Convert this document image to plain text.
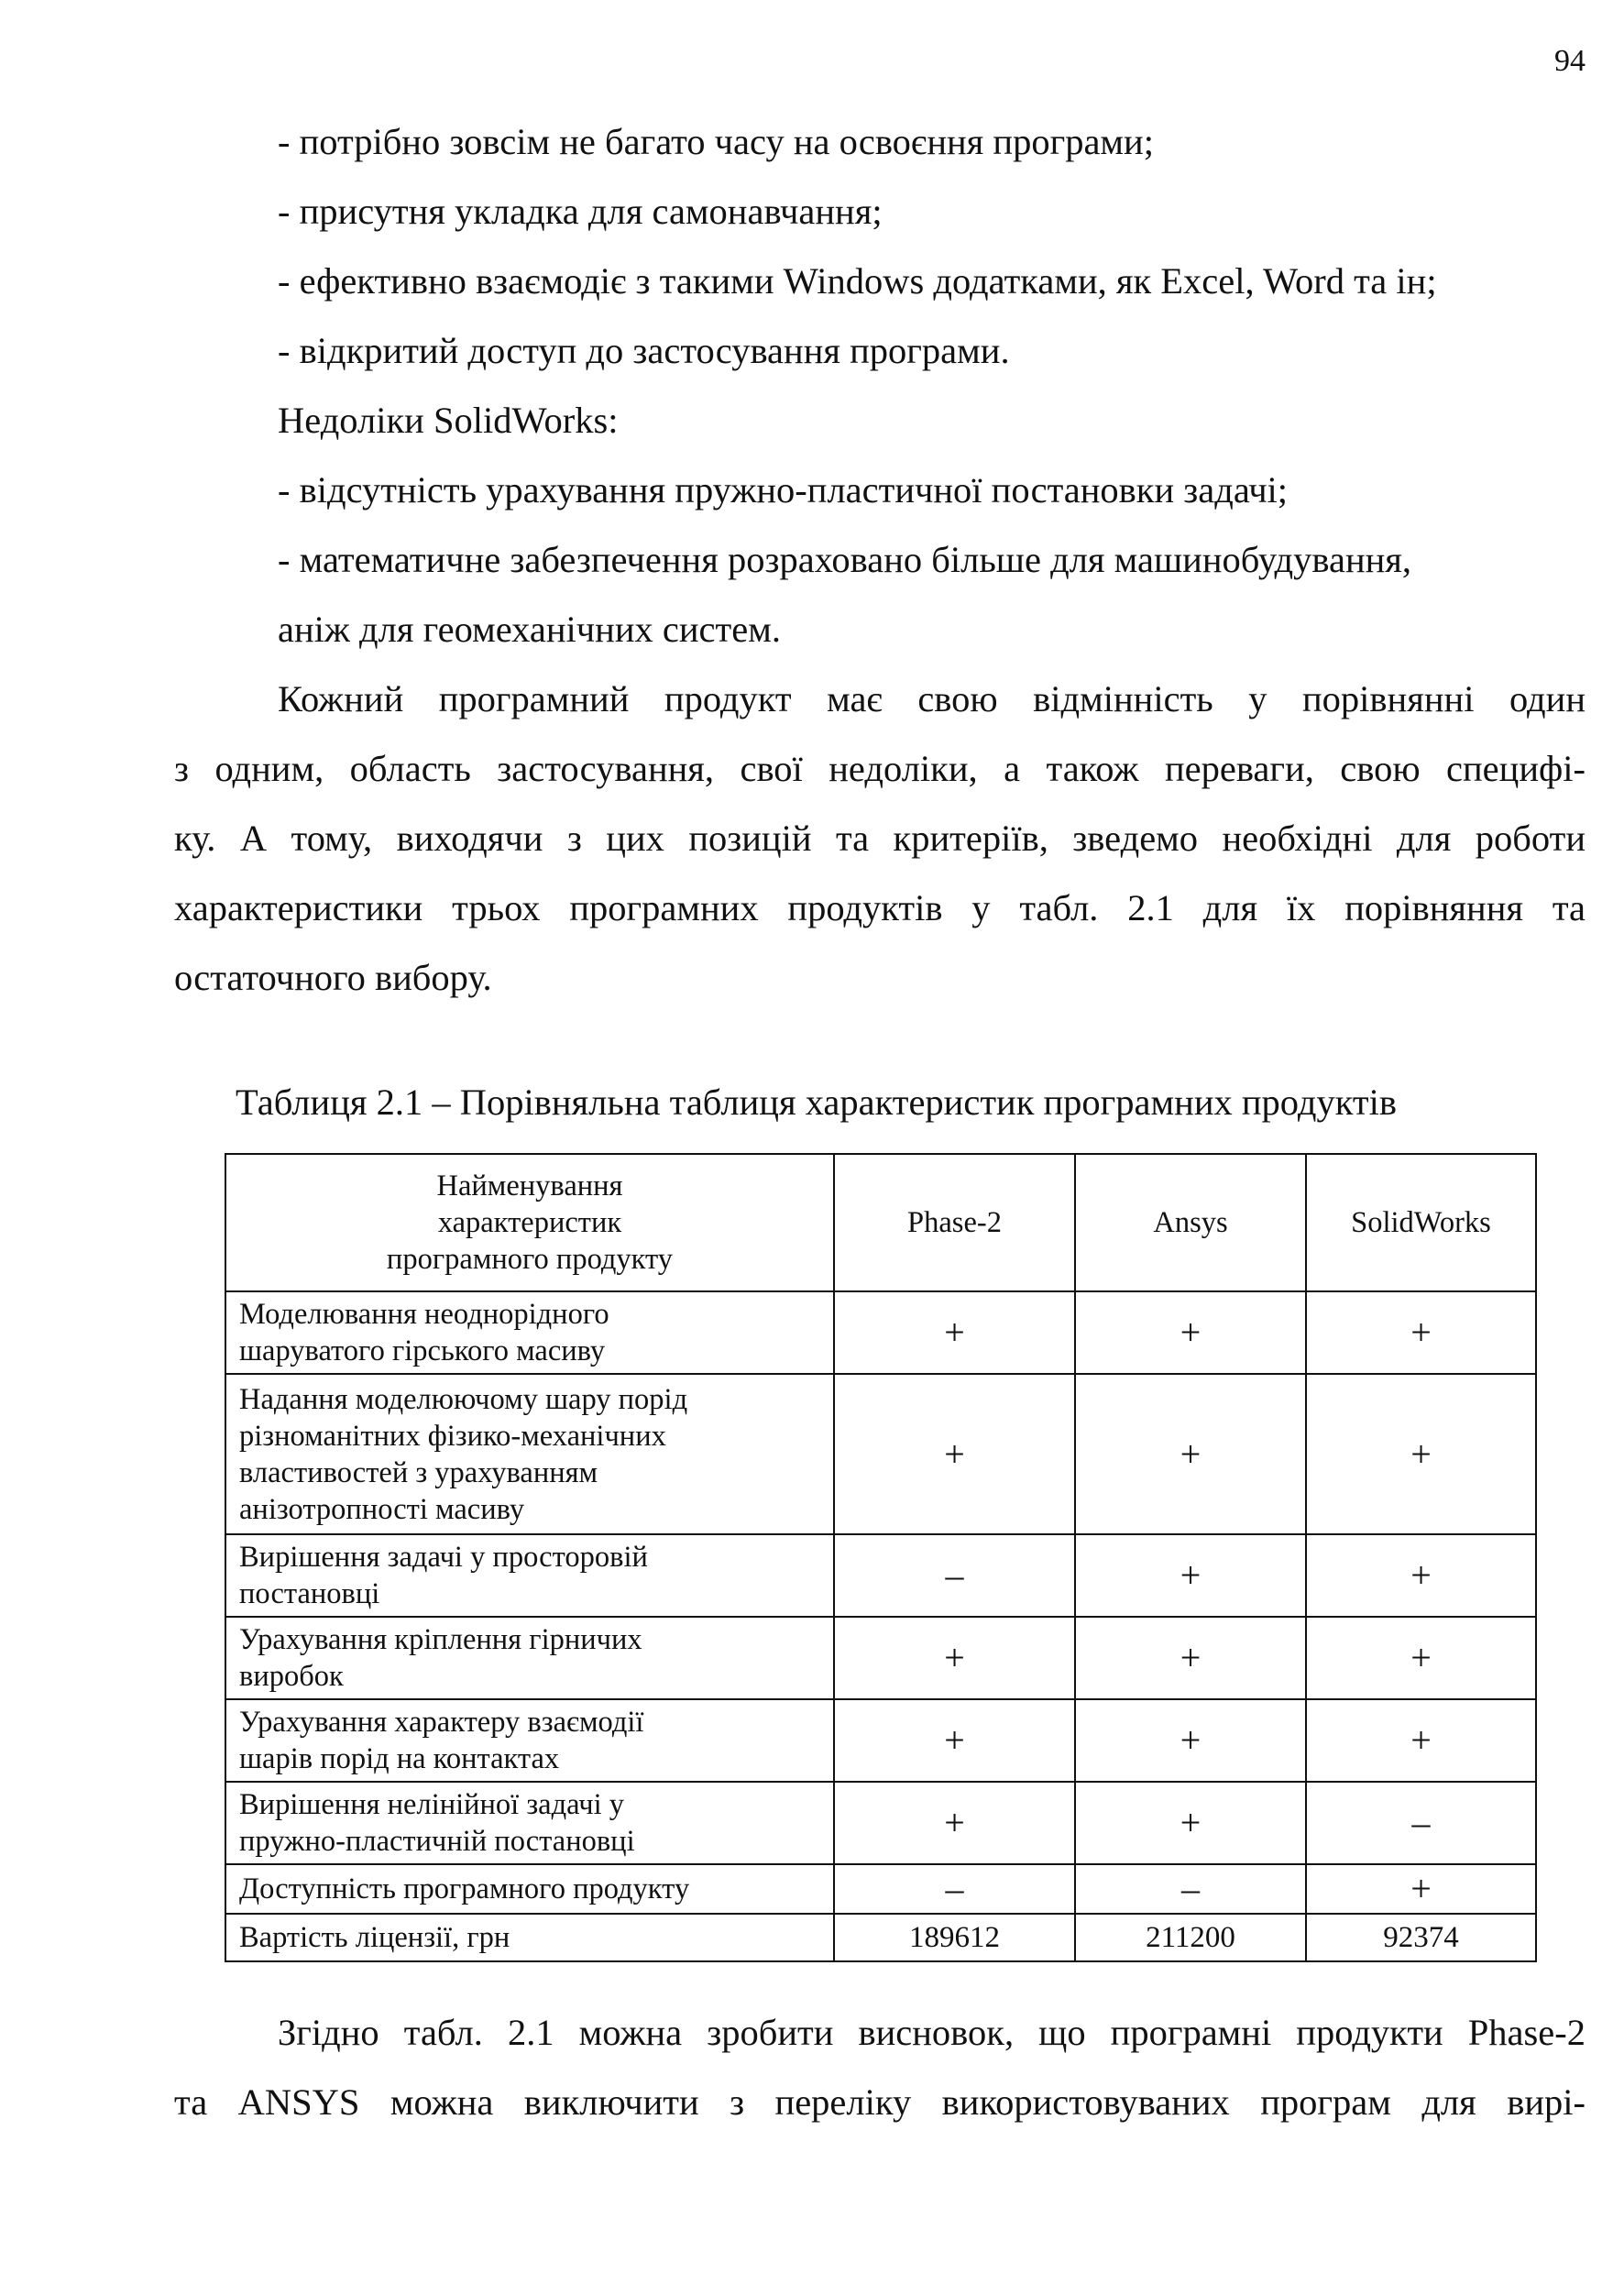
94
- потрібно зовсім не багато часу на освоєння програми;
- присутня укладка для самонавчання;
- ефективно взаємодіє з такими Windows додатками, як Excel, Word та ін;
- відкритий доступ до застосування програми.
Недоліки SolidWorks:
- відсутність урахування пружно-пластичної постановки задачі;
- математичне забезпечення розраховано більше для машинобудування,
аніж для геомеханічних систем.
Кожний програмний продукт має свою відмінність у порівнянні один
з одним, область застосування, свої недоліки, а також переваги, свою специфі-
ку. А тому, виходячи з цих позицій та критеріїв, зведемо необхідні для роботи
характеристики трьох програмних продуктів у табл. 2.1 для їх порівняння та
остаточного вибору.
Таблиця 2.1 – Порівняльна таблиця характеристик програмних продуктів
Найменування
характеристик
програмного продукту	Phase-2	Ansys	SolidWorks

Моделювання неоднорідного
шаруватого гірського масиву	+	+	+

Надання моделюючому шару порід
різноманітних фізико-механічних
властивостей з урахуванням
анізотропності масиву	+	+	+

Вирішення задачі у просторовій
постановці	–	+	+

Урахування кріплення гірничих
виробок	+	+	+

Урахування характеру взаємодії
шарів порід на контактах	+	+	+

Вирішення нелінійної задачі у
пружно-пластичній постановці	+	+	–

Доступність програмного продукту	–	–	+

Вартість ліцензії, грн	189612	211200	92374
Згідно табл. 2.1 можна зробити висновок, що програмні продукти Phase-2
та ANSYS можна виключити з переліку використовуваних програм для вирі-
